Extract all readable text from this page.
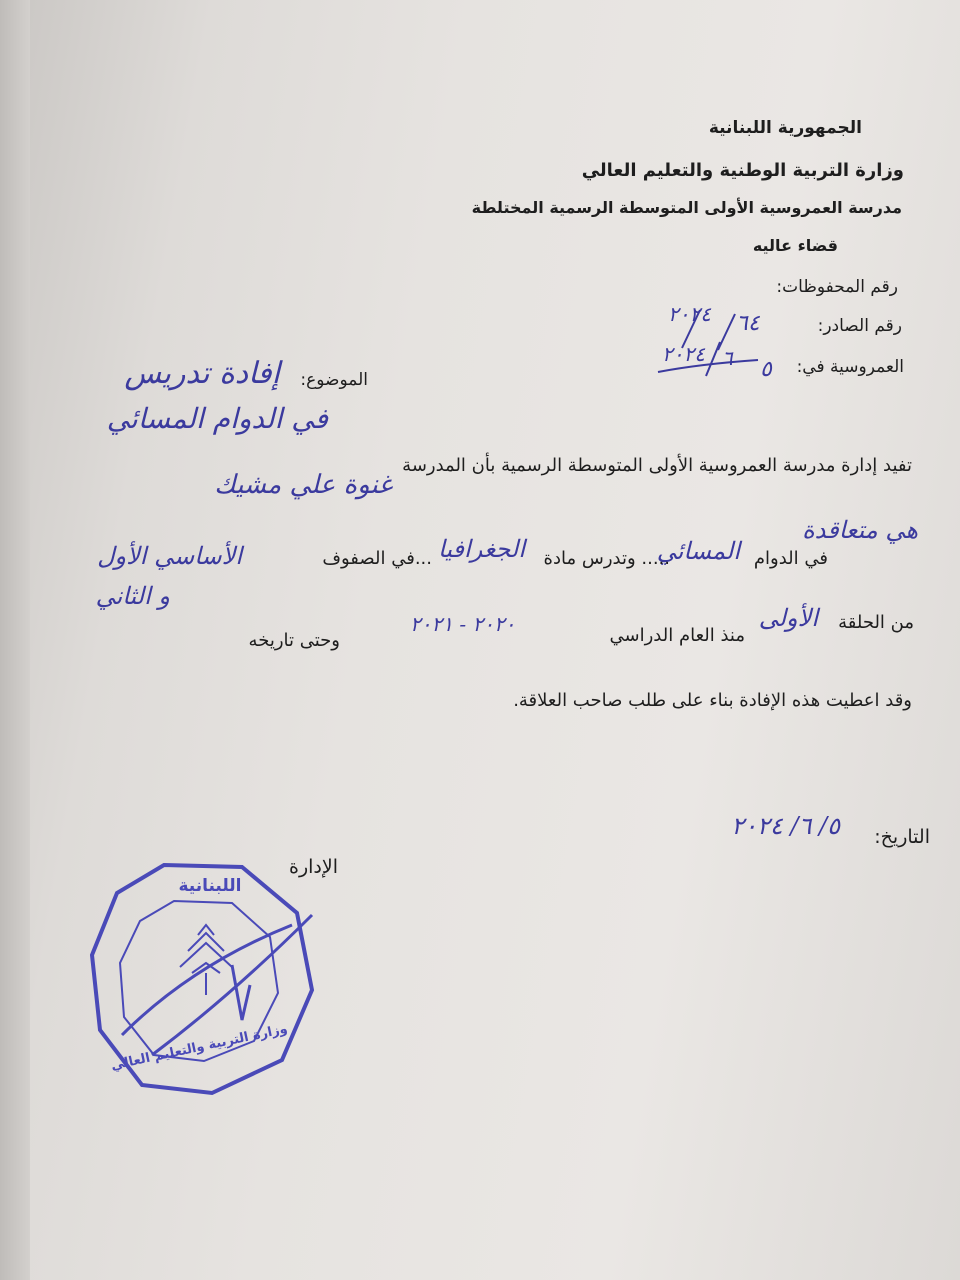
الجمهورية اللبنانية
وزارة التربية الوطنية والتعليم العالي
مدرسة العمروسية الأولى المتوسطة الرسمية المختلطة
قضاء عاليه
رقم المحفوظات:
رقم الصادر:
٦٤
٢٠٢٤
العمروسية في:
٥
٦
٢٠٢٤
الموضوع:
إفادة تدريس
في الدوام المسائي
تفيد إدارة مدرسة العمروسية الأولى المتوسطة الرسمية بأن المدرسة
غنوة علي مشيك
هي متعاقدة
في الدوام
المسائي
..... وتدرس مادة
الجغرافيا
...في الصفوف
الأساسي الأول
و الثاني
من الحلقة
الأولى
منذ العام الدراسي
٢٠٢٠ - ٢٠٢١
وحتى تاريخه
وقد اعطيت هذه الإفادة بناء على طلب صاحب العلاقة.
التاريخ:
٥/ ٦/ ٢٠٢٤
الإدارة
اللبنانية
وزارة التربية والتعليم العالي
